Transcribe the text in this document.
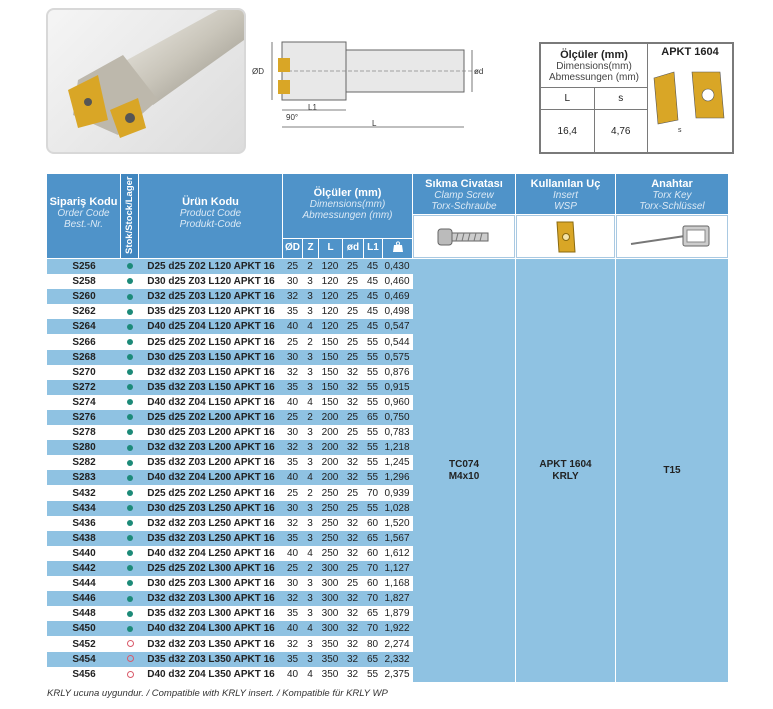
ØD	ød
90°
L1
L
Ölçüler (mm)
Dimensions(mm)
Abmessungen (mm)		APKT 1604
s

L	s	
16,4	4,76	
Sipariş Kodu
Order Code
Best.-Nr.	Stok/Stock/Lager	Ürün Kodu
Product Code
Produkt-Code
Ölçüler (mm)
Dimensions(mm)
Abmessungen (mm)
ØD Z	L	ød L1
Sıkma Civatası
Clamp Screw
Torx-Schraube
Kullanılan Uç
Insert
WSP
Anahtar
Torx Key
Torx-Schlüssel
S256	D25 d25 Z02 L120 APKT 16	25 2 120 25 45 0,430
S258	D30 d25 Z03 L120 APKT 16	30 3 120 25 45 0,460
S260	D32 d25 Z03 L120 APKT 16	32 3 120 25 45 0,469
S262	D35 d25 Z03 L120 APKT 16	35 3 120 25 45 0,498
S264	D40 d25 Z04 L120 APKT 16	40 4 120 25 45 0,547
S266	D25 d25 Z02 L150 APKT 16	25 2 150 25 55 0,544
S268	D30 d25 Z03 L150 APKT 16	30 3 150 25 55 0,575
S270	D32 d32 Z03 L150 APKT 16	32 3 150 32 55 0,876
S272	D35 d32 Z03 L150 APKT 16	35 3 150 32 55 0,915
S274	D40 d32 Z04 L150 APKT 16	40 4 150 32 55 0,960
S276	D25 d25 Z02 L200 APKT 16	25 2 200 25 65 0,750
S278	D30 d25 Z03 L200 APKT 16	30 3 200 25 55 0,783
S280	D32 d32 Z03 L200 APKT 16	32 3 200 32 55 1,218
S282	D35 d32 Z03 L200 APKT 16	35 3 200 32 55 1,245
S283	D40 d32 Z04 L200 APKT 16	40 4 200 32 55 1,296
S432	D25 d25 Z02 L250 APKT 16	25 2 250 25 70 0,939
S434	D30 d25 Z03 L250 APKT 16	30 3 250 25 55 1,028
S436	D32 d32 Z03 L250 APKT 16	32 3 250 32 60 1,520
S438	D35 d32 Z03 L250 APKT 16	35 3 250 32 65 1,567
S440	D40 d32 Z04 L250 APKT 16	40 4 250 32 60 1,612
S442	D25 d25 Z02 L300 APKT 16	25 2 300 25 70 1,127
S444	D30 d25 Z03 L300 APKT 16	30 3 300 25 60 1,168
S446	D32 d32 Z03 L300 APKT 16	32 3 300 32 70 1,827
S448	D35 d32 Z03 L300 APKT 16	35 3 300 32 65 1,879
S450	D40 d32 Z04 L300 APKT 16	40 4 300 32 70 1,922
S452	D32 d32 Z03 L350 APKT 16	32 3 350 32 80 2,274
S454	D35 d32 Z03 L350 APKT 16	35 3 350 32 65 2,332
S456	D40 d32 Z04 L350 APKT 16	40 4 350 32 55 2,375
TC074
M4x10
APKT 1604
KRLY
T15
KRLY ucuna uygundur. / Compatible with KRLY insert. / Kompatible für KRLY WP
